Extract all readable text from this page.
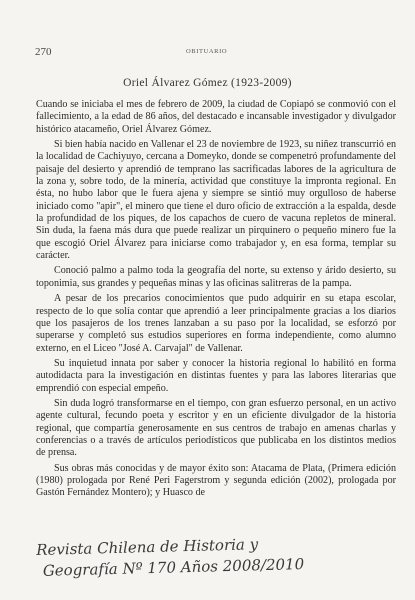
270	OBITUARIO
Oriel Álvarez Gómez (1923-2009)

Cuando se iniciaba el mes de febrero de 2009, la ciudad de Copiapó se conmovió con el fallecimiento, a la edad de 86 años, del destacado e incansable investigador y divulgador histórico atacameño, Oriel Álvarez Gómez.

Si bien había nacido en Vallenar el 23 de noviembre de 1923, su niñez transcurrió en la localidad de Cachiyuyo, cercana a Domeyko, donde se compenetró profundamente del paisaje del desierto y aprendió de temprano las sacrificadas labores de la agricultura de la zona y, sobre todo, de la minería, actividad que constituye la impronta regional. En ésta, no hubo labor que le fuera ajena y siempre se sintió muy orgulloso de haberse iniciado como "apir", el minero que tiene el duro oficio de extracción a la espalda, desde la profundidad de los piques, de los capachos de cuero de vacuna repletos de mineral. Sin duda, la faena más dura que puede realizar un pirquinero o pequeño minero fue la que escogió Oriel Álvarez para iniciarse como trabajador y, en esa forma, templar su carácter.

Conoció palmo a palmo toda la geografía del norte, su extenso y árido desierto, su toponimia, sus grandes y pequeñas minas y las oficinas salitreras de la pampa.

A pesar de los precarios conocimientos que pudo adquirir en su etapa escolar, respecto de lo que solía contar que aprendió a leer principalmente gracias a los diarios que los pasajeros de los trenes lanzaban a su paso por la localidad, se esforzó por superarse y completó sus estudios superiores en forma independiente, como alumno externo, en el Liceo "José A. Carvajal" de Vallenar.

Su inquietud innata por saber y conocer la historia regional lo habilitó en forma autodidacta para la investigación en distintas fuentes y para las labores literarias que emprendió con especial empeño.

Sin duda logró transformarse en el tiempo, con gran esfuerzo personal, en un activo agente cultural, fecundo poeta y escritor y en un eficiente divulgador de la historia regional, que compartía generosamente en sus centros de trabajo en amenas charlas y conferencias o a través de artículos periodísticos que publicaba en los distintos medios de prensa.

Sus obras más conocidas y de mayor éxito son: Atacama de Plata, (Primera edición (1980) prologada por René Peri Fagerstrom y segunda edición (2002), prologada por Gastón Fernández Montero); y Huasco de

Revista Chilena de Historia y
Geografía Nº 170 Años 2008/2010
